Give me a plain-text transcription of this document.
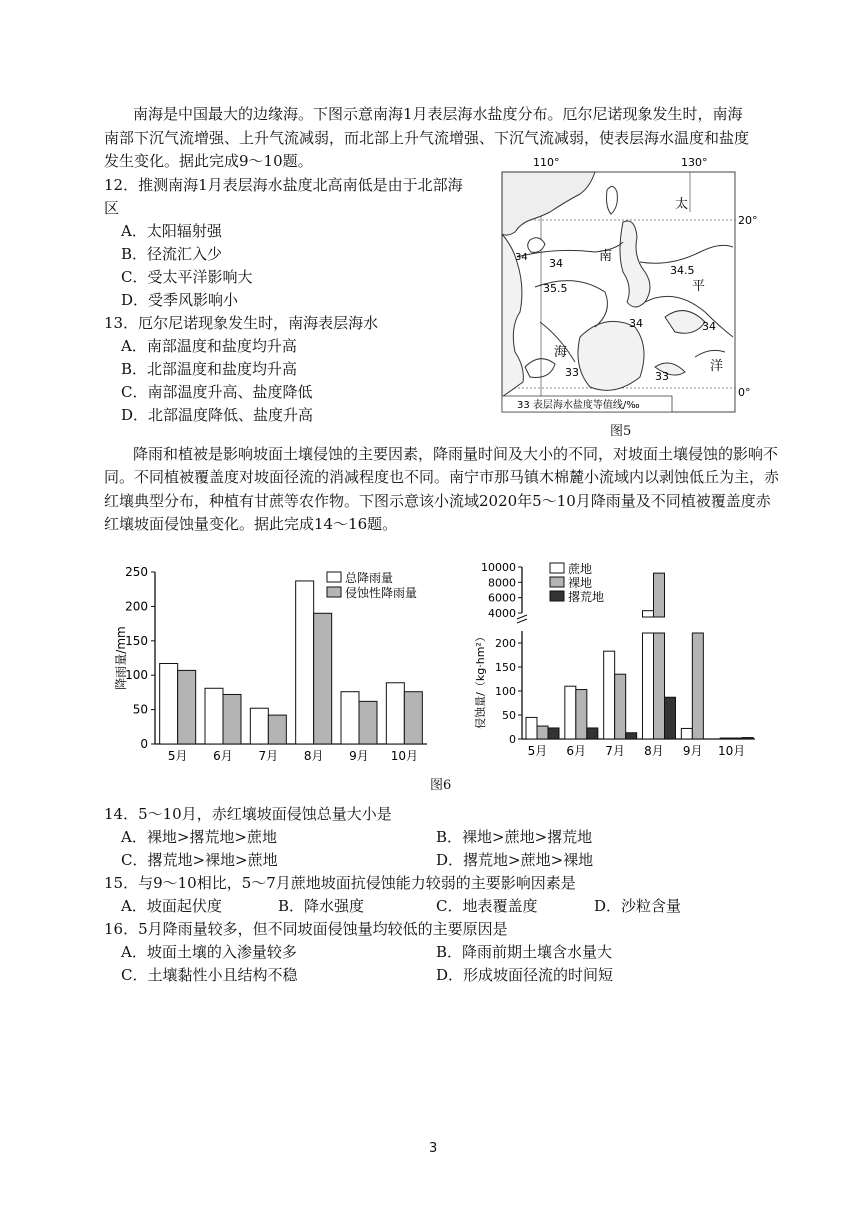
南海是中国最大的边缘海。下图示意南海1月表层海水盐度分布。厄尔尼诺现象发生时，南海
南部下沉气流增强、上升气流减弱，而北部上升气流增强、下沉气流减弱，使表层海水温度和盐度
发生变化。据此完成9～10题。
12．推测南海1月表层海水盐度北高南低是由于北部海
区
A．太阳辐射强
B．径流汇入少
C．受太平洋影响大
D．受季风影响小
13．厄尔尼诺现象发生时，南海表层海水
A．南部温度和盐度均升高
B．北部温度和盐度均升高
C．南部温度升高、盐度降低
D．北部温度降低、盐度升高
110°	130°
20°
0°
太
平
洋
南
海
34
35.5
34.5
34
33
34
33
34
33 表层海水盐度等值线/‰
图5
降雨和植被是影响坡面土壤侵蚀的主要因素，降雨量时间及大小的不同，对坡面土壤侵蚀的影响不
同。不同植被覆盖度对坡面径流的消减程度也不同。南宁市那马镇木棉麓小流域内以剥蚀低丘为主，赤
红壤典型分布，种植有甘蔗等农作物。下图示意该小流域2020年5～10月降雨量及不同植被覆盖度赤
红壤坡面侵蚀量变化。据此完成14～16题。
0
50
100
150
200
250
降雨量/mm
5月 6月 7月 8月 9月 10月
总降雨量
侵蚀性降雨量
0
50
100
150
200
4000
6000
8000
10000
侵蚀量/（kg·hm²）
5月 6月 7月 8月 9月 10月
蔗地
裸地
撂荒地
图6
14．5～10月，赤红壤坡面侵蚀总量大小是
A．裸地>撂荒地>蔗地	B．裸地>蔗地>撂荒地
C．撂荒地>裸地>蔗地	D．撂荒地>蔗地>裸地
15．与9～10相比，5～7月蔗地坡面抗侵蚀能力较弱的主要影响因素是
A．坡面起伏度	B．降水强度	C．地表覆盖度	D．沙粒含量
16．5月降雨量较多，但不同坡面侵蚀量均较低的主要原因是
A．坡面土壤的入渗量较多	B．降雨前期土壤含水量大
C．土壤黏性小且结构不稳	D．形成坡面径流的时间短
3
